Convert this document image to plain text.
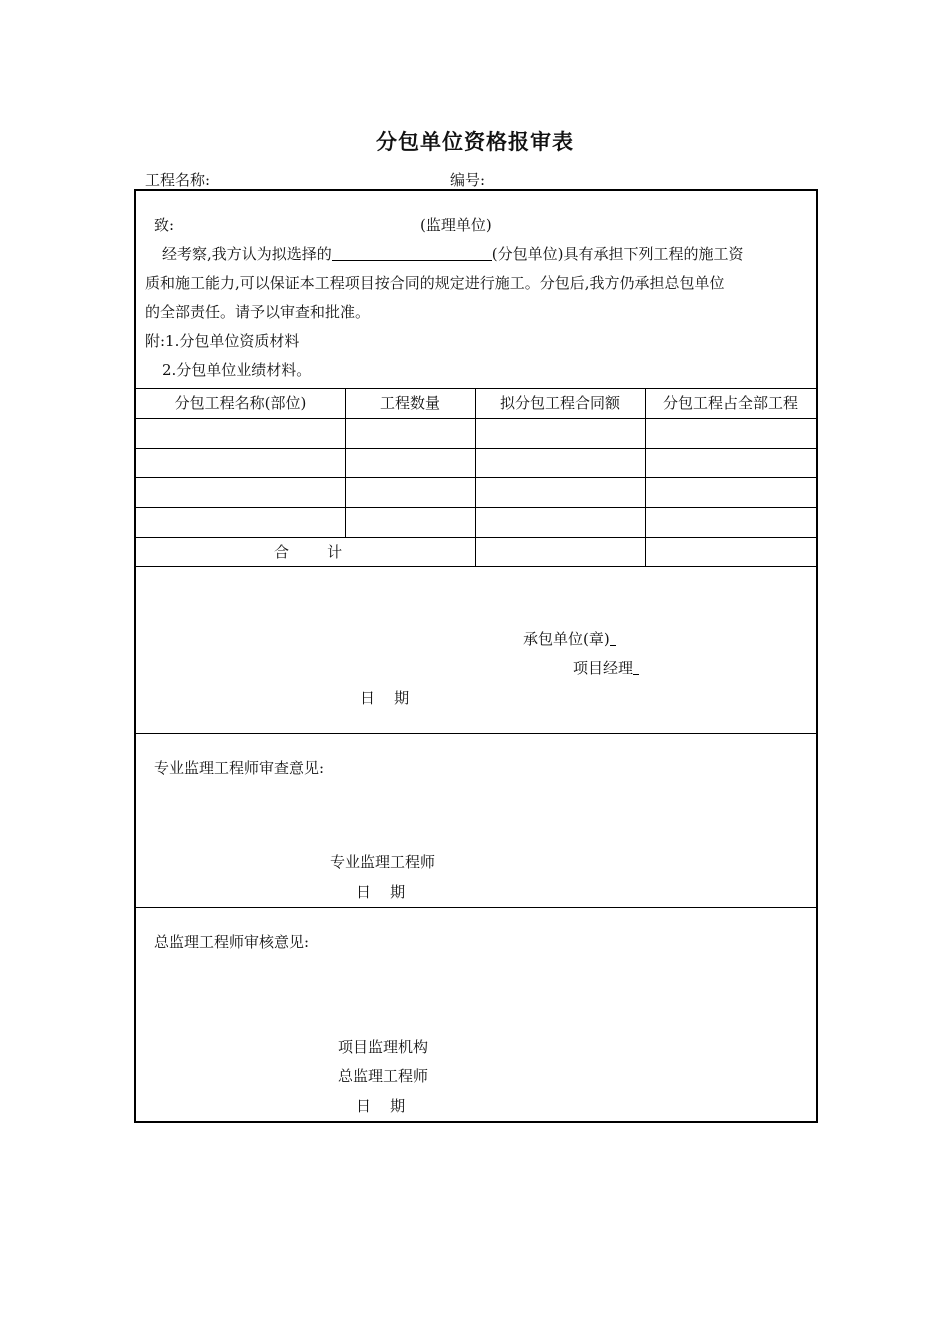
分包单位资格报审表
工程名称:	编号:
致:	(监理单位)
经考察,我方认为拟选择的	(分包单位)具有承担下列工程的施工资
质和施工能力,可以保证本工程项目按合同的规定进行施工。分包后,我方仍承担总包单位
的全部责任。请予以审查和批准。
附:1.分包单位资质材料
2.分包单位业绩材料。
分包工程名称(部位)	工程数量	拟分包工程合同额	分包工程占全部工程
合        计
承包单位(章)
项目经理
日    期
专业监理工程师审查意见:
专业监理工程师
日    期
总监理工程师审核意见:
项目监理机构
总监理工程师
日    期
